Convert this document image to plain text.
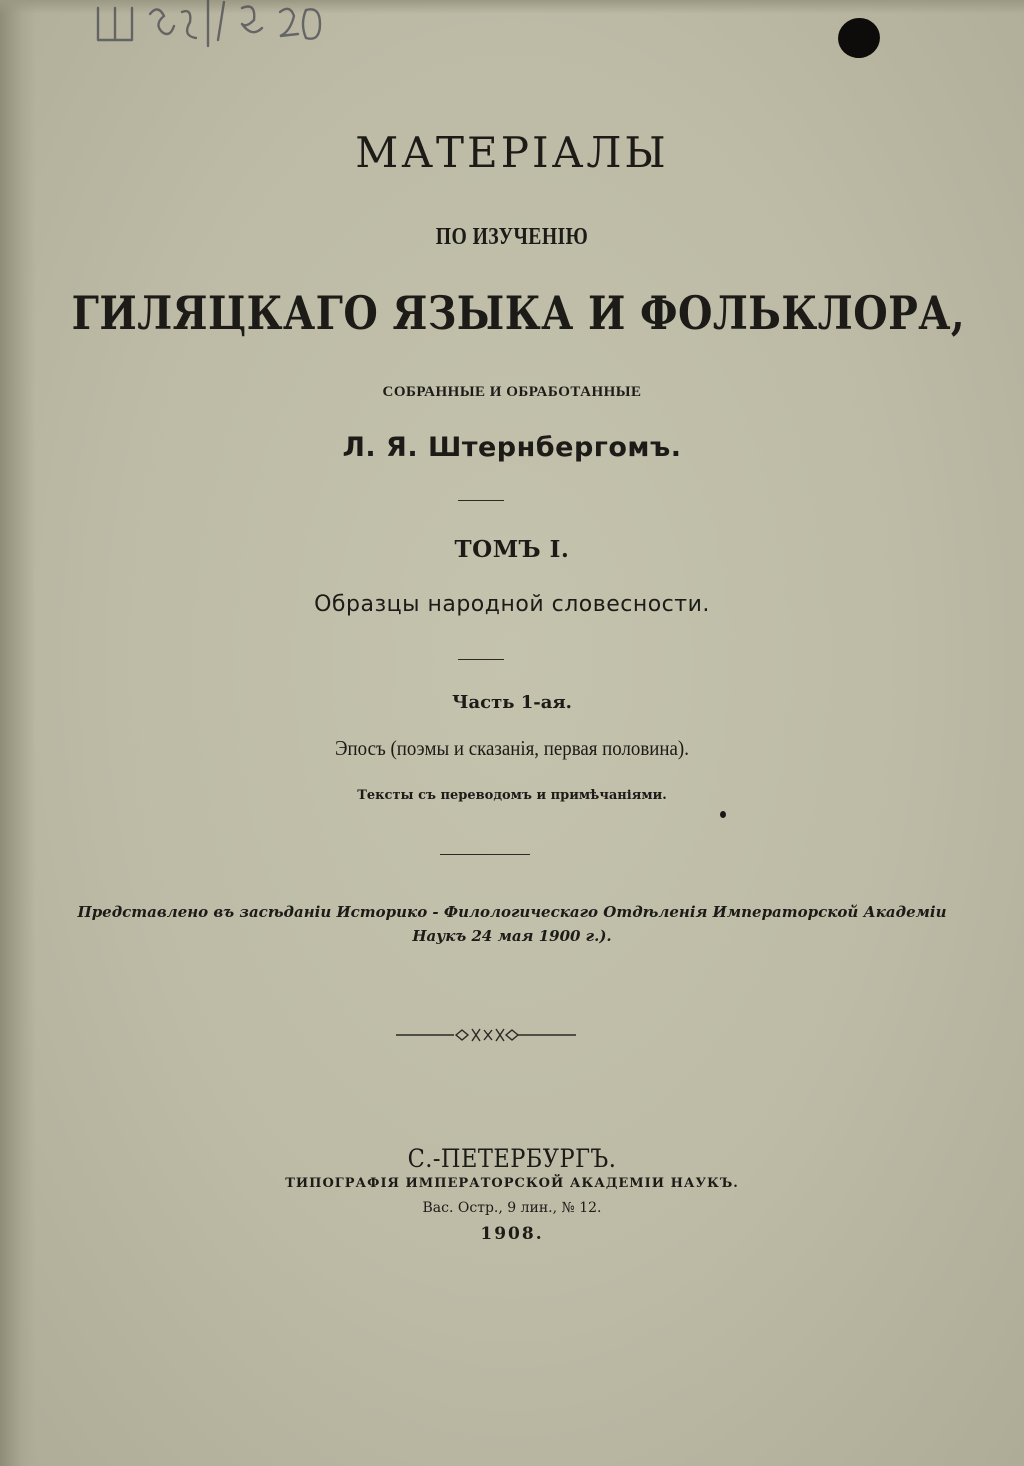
МАТЕРІАЛЫ
ПО ИЗУЧЕНІЮ
ГИЛЯЦКАГО ЯЗЫКА И ФОЛЬКЛОРА,
СОБРАННЫЕ И ОБРАБОТАННЫЕ
Л. Я. Штернбергомъ.
ТОМЪ I.
Образцы народной словесности.
Часть 1-ая.
Эпосъ (поэмы и сказанія, первая половина).
Тексты съ переводомъ и примѣчаніями.
Представлено въ засѣданіи Историко - Филологическаго Отдѣленія Императорской Академіи
Наукъ 24 мая 1900 г.).
С.-ПЕТЕРБУРГЪ.
ТИПОГРАФІЯ ИМПЕРАТОРСКОЙ АКАДЕМІИ НАУКЪ.
Вас. Остр., 9 лин., № 12.
1908.
